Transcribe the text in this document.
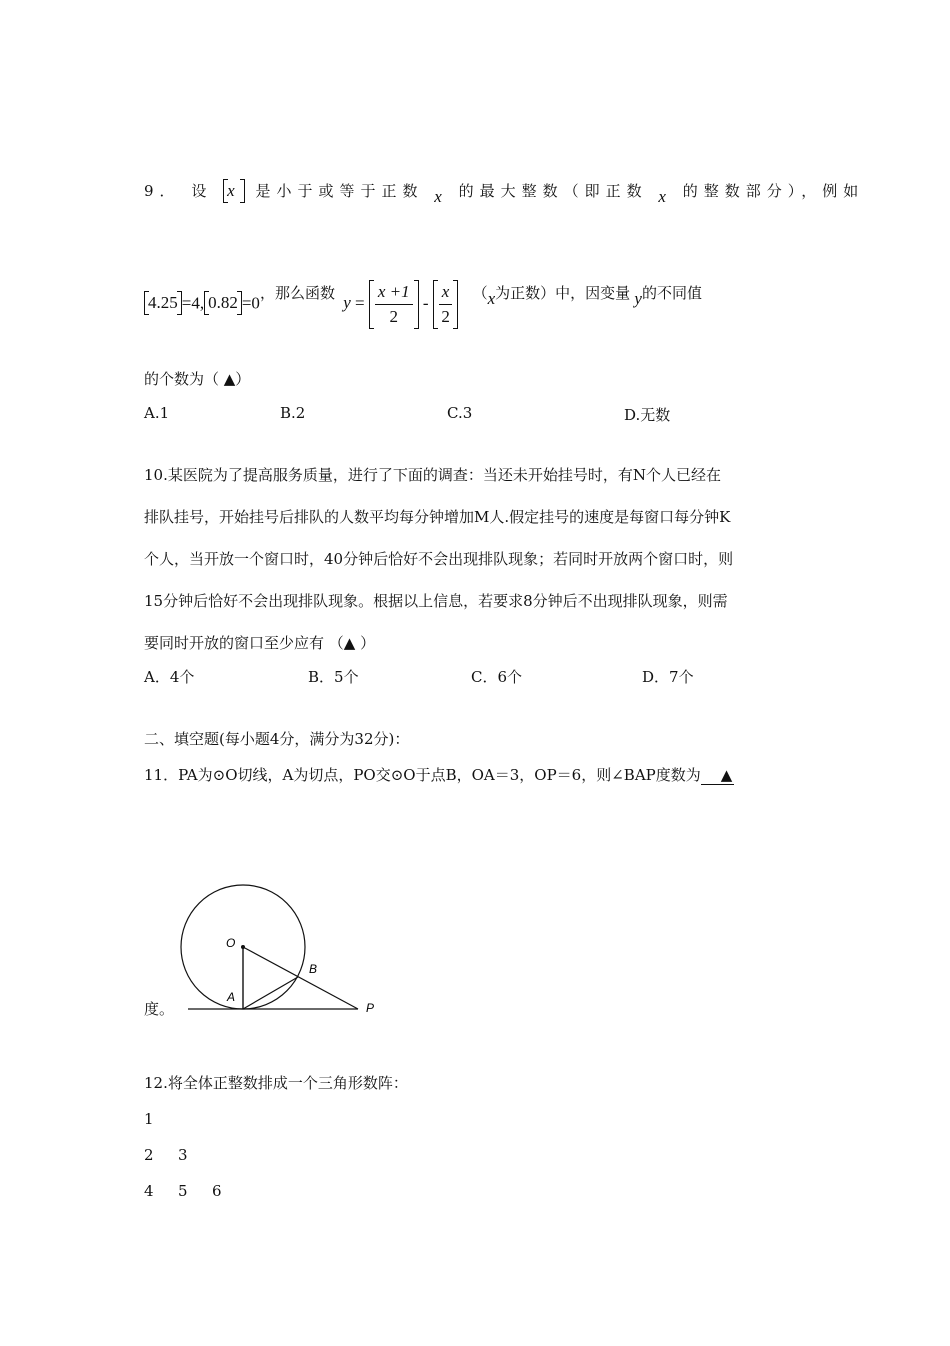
9． 设 x 是小于或等于正数 x 的最大整数（即正数 x 的整数部分），例如
4.25 =4, 0.82 =0，那么函数 $y = \frac{x +1}{2} - \frac{x}{2} (x$为正数）中，因变量 y的不同值
的个数为（ ▲）
A.1	B.2	C.3	D.无数
10.某医院为了提高服务质量，进行了下面的调查：当还未开始挂号时，有N个人已经在
排队挂号，开始挂号后排队的人数平均每分钟增加M人.假定挂号的速度是每窗口每分钟K
个人，当开放一个窗口时，40分钟后恰好不会出现排队现象；若同时开放两个窗口时，则
15分钟后恰好不会出现排队现象。根据以上信息，若要求8分钟后不出现排队现象，则需
要同时开放的窗口至少应有 （▲ ）
A．4个	B．5个	C．6个	D．7个
二、填空题(每小题4分，满分为32分)：
11．PA为⊙O切线，A为切点，PO交⊙O于点B，OA＝3，OP＝6，则∠BAP度数为 ▲
O
A
B
P
度。
12.将全体正整数排成一个三角形数阵：
1
2 3
4 5 6
